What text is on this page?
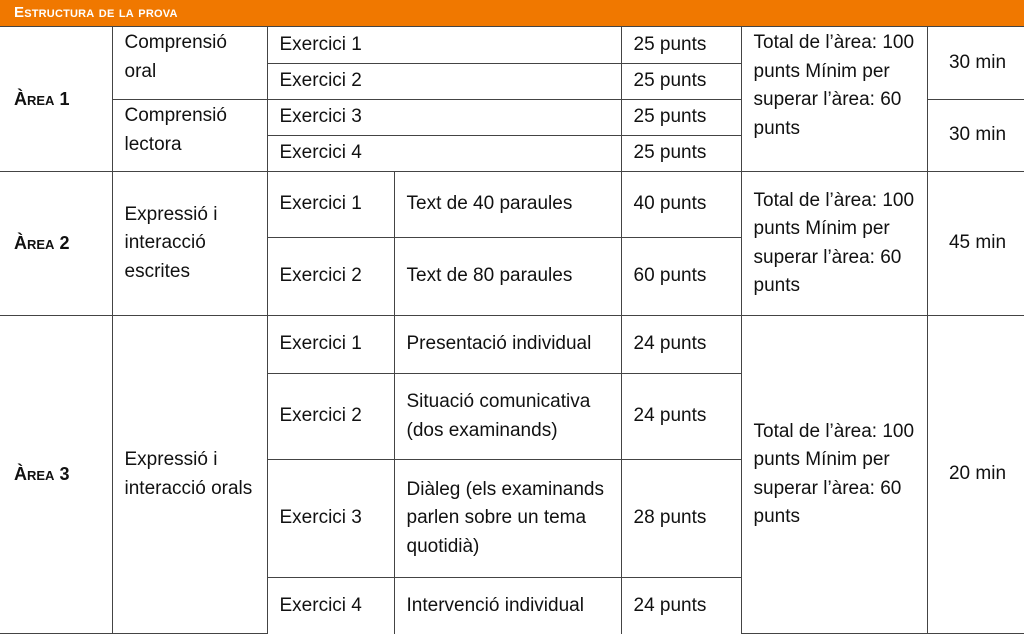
Estructura de la prova
Àrea 1	Comprensió oral	Exercici 1		25 punts	Total de l’àrea: 100 punts Mínim per superar l’àrea: 60 punts	30 min
		Exercici 2		25 punts		
	Comprensió lectora	Exercici 3		25 punts		30 min
		Exercici 4		25 punts		
Àrea 2	Expressió i interacció escrites	Exercici 1	Text de 40 paraules	40 punts	Total de l’àrea: 100 punts Mínim per superar l’àrea: 60 punts	45 min
		Exercici 2	Text de 80 paraules	60 punts		
Àrea 3	Expressió i interacció orals	Exercici 1	Presentació individual	24 punts	Total de l’àrea: 100 punts Mínim per superar l’àrea: 60 punts	20 min
		Exercici 2	Situació comunicativa (dos examinands)	24 punts		
		Exercici 3	Diàleg (els examinands parlen sobre un tema quotidià)	28 punts		
		Exercici 4	Intervenció individual	24 punts		
